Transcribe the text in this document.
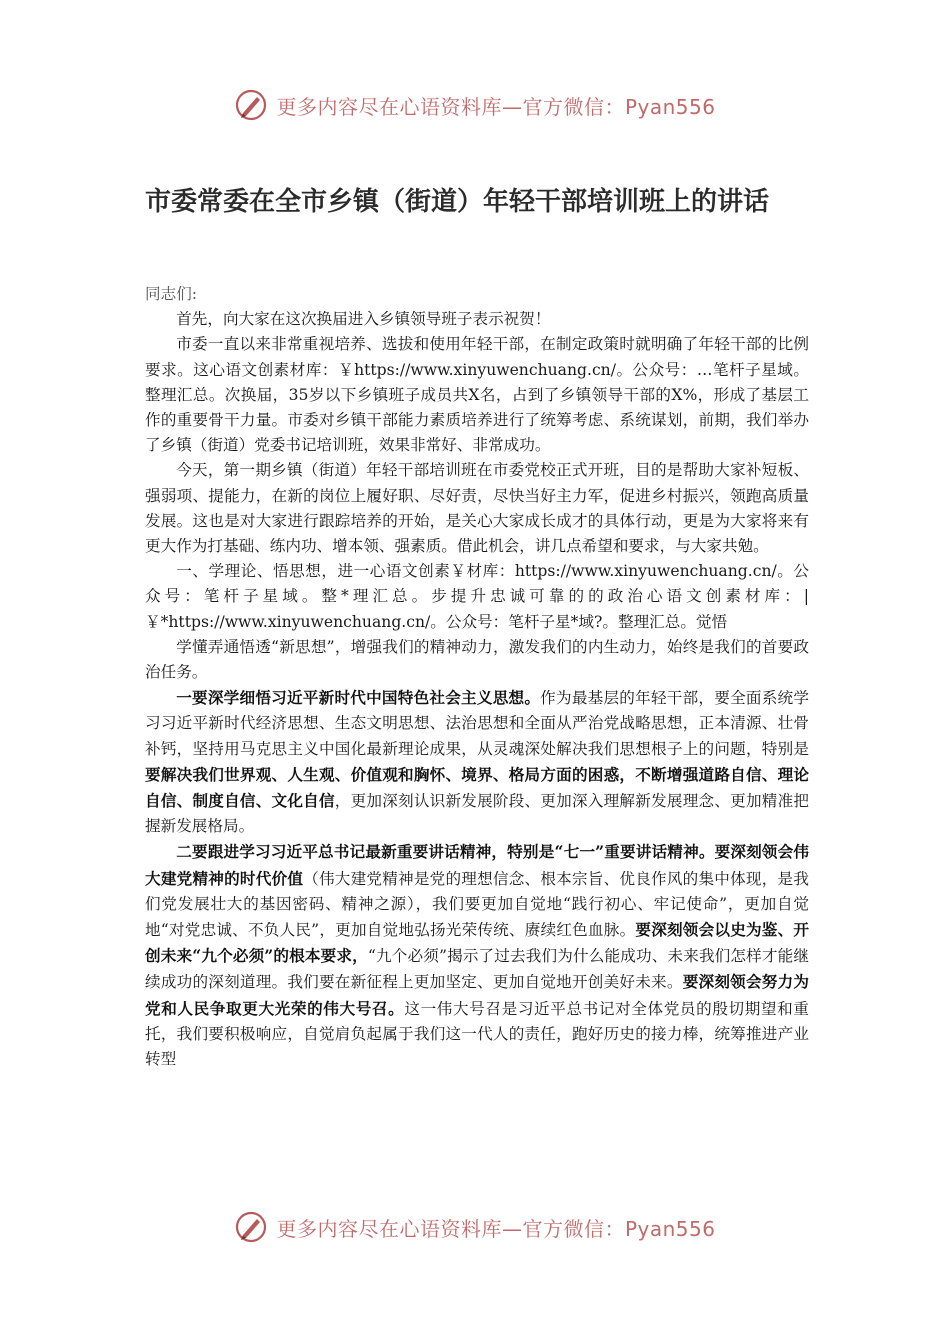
更多内容尽在心语资料库—官方微信：Pyan556
市委常委在全市乡镇（街道）年轻干部培训班上的讲话

同志们:

首先，向大家在这次换届进入乡镇领导班子表示祝贺！

市委一直以来非常重视培养、选拔和使用年轻干部，在制定政策时就明确了年轻干部的比例要求。这心语文创素材库：￥https://www.xinyuwenchuang.cn/。公众号：…笔杆子星域。整理汇总。次换届，35岁以下乡镇班子成员共X名，占到了乡镇领导干部的X%，形成了基层工作的重要骨干力量。市委对乡镇干部能力素质培养进行了统筹考虑、系统谋划，前期，我们举办了乡镇（街道）党委书记培训班，效果非常好、非常成功。

今天，第一期乡镇（街道）年轻干部培训班在市委党校正式开班，目的是帮助大家补短板、强弱项、提能力，在新的岗位上履好职、尽好责，尽快当好主力军，促进乡村振兴，领跑高质量发展。这也是对大家进行跟踪培养的开始，是关心大家成长成才的具体行动，更是为大家将来有更大作为打基础、练内功、增本领、强素质。借此机会，讲几点希望和要求，与大家共勉。

一、学理论、悟思想，进一心语文创素￥材库：https://www.xinyuwenchuang.cn/。公众号：笔杆子星域。整*理汇总。步提升忠诚可靠的的政治心语文创素材库：|￥*https://www.xinyuwenchuang.cn/。公众号：笔杆子星*域?。整理汇总。觉悟

学懂弄通悟透“新思想”，增强我们的精神动力，激发我们的内生动力，始终是我们的首要政治任务。

一要深学细悟习近平新时代中国特色社会主义思想。作为最基层的年轻干部，要全面系统学习习近平新时代经济思想、生态文明思想、法治思想和全面从严治党战略思想，正本清源、壮骨补钙，坚持用马克思主义中国化最新理论成果，从灵魂深处解决我们思想根子上的问题，特别是要解决我们世界观、人生观、价值观和胸怀、境界、格局方面的困惑，不断增强道路自信、理论自信、制度自信、文化自信，更加深刻认识新发展阶段、更加深入理解新发展理念、更加精准把握新发展格局。

二要跟进学习习近平总书记最新重要讲话精神，特别是“七一”重要讲话精神。要深刻领会伟大建党精神的时代价值（伟大建党精神是党的理想信念、根本宗旨、优良作风的集中体现，是我们党发展壮大的基因密码、精神之源），我们要更加自觉地“践行初心、牢记使命”，更加自觉地“对党忠诚、不负人民”，更加自觉地弘扬光荣传统、赓续红色血脉。要深刻领会以史为鉴、开创未来“九个必须”的根本要求，“九个必须”揭示了过去我们为什么能成功、未来我们怎样才能继续成功的深刻道理。我们要在新征程上更加坚定、更加自觉地开创美好未来。要深刻领会努力为党和人民争取更大光荣的伟大号召。这一伟大号召是习近平总书记对全体党员的殷切期望和重托，我们要积极响应，自觉肩负起属于我们这一代人的责任，跑好历史的接力棒，统筹推进产业转型

更多内容尽在心语资料库—官方微信：Pyan556
